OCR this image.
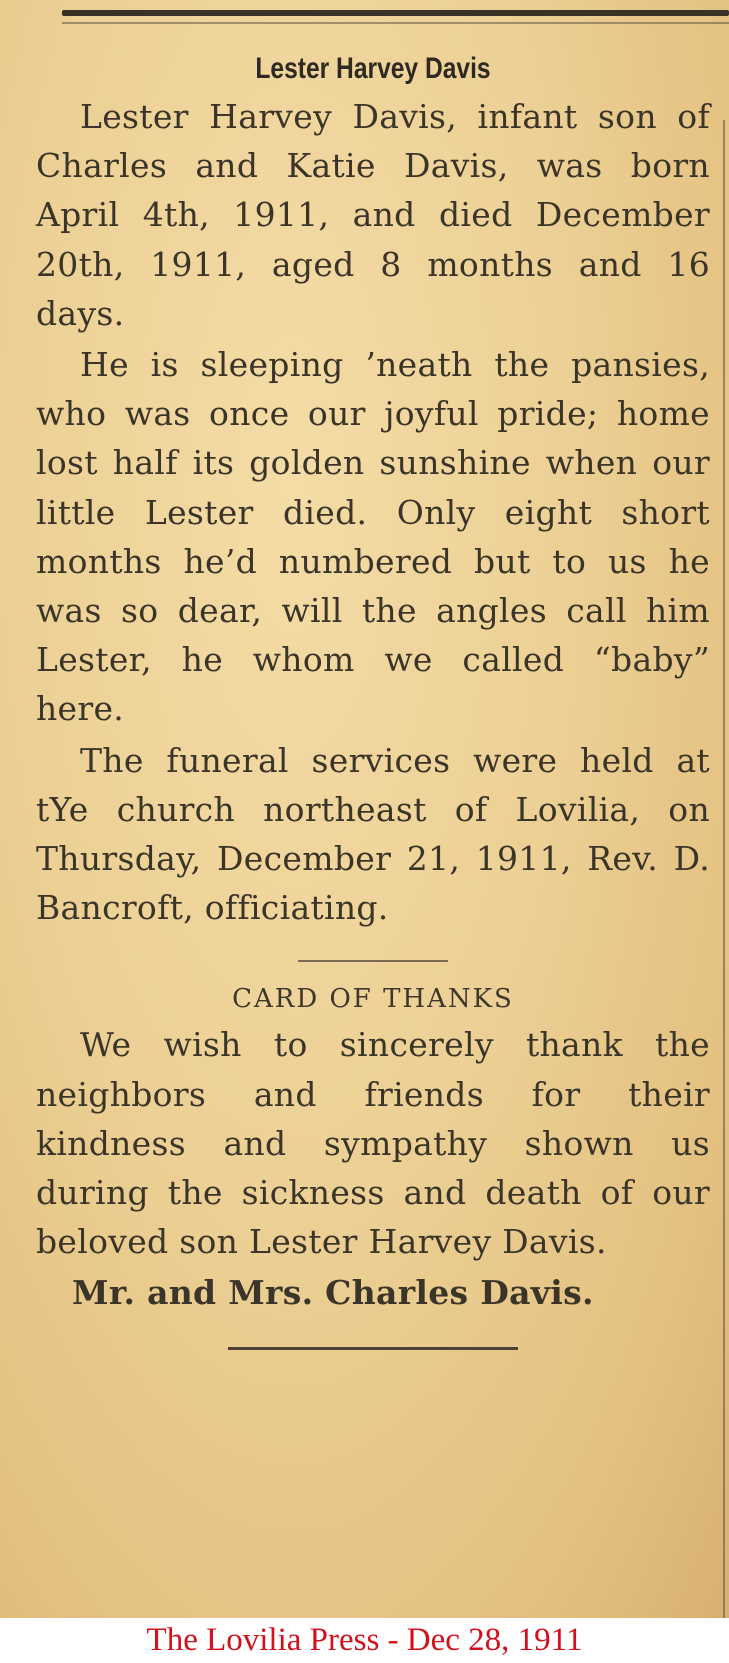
Lester Harvey Davis

Lester Harvey Davis, infant son of Charles and Katie Davis, was born April 4th, 1911, and died December 20th, 1911, aged 8 months and 16 days.

He is sleeping ’neath the pansies, who was once our joyful pride; home lost half its golden sunshine when our little Lester died. Only eight short months he’d numbered but to us he was so dear, will the angles call him Lester, he whom we called “baby” here.

The funeral services were held at tYe church northeast of Lovilia, on Thursday, December 21, 1911, Rev. D. Bancroft, officiating.

CARD OF THANKS

We wish to sincerely thank the neighbors and friends for their kindness and sympathy shown us during the sickness and death of our beloved son Lester Harvey Davis.

Mr. and Mrs. Charles Davis.

The Lovilia Press - Dec 28, 1911
